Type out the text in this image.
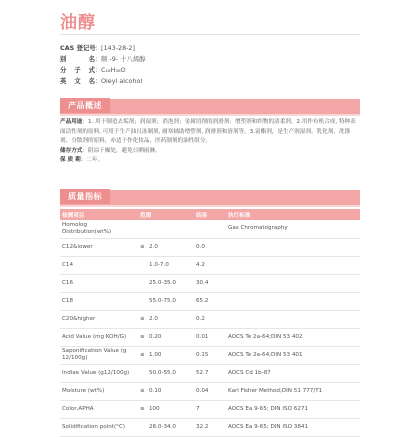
油醇
CAS 登记号 ： [143-28-2]
别	名 ： 顺 -9- 十八烯醇
分 子 式 ： C₁₈H₃₆O
英 文 名 ： Oleyl alcohol
产品概述

产品用途：1. 用于制造去垢剂；润湿剂；消泡剂；金属切削的润滑剂；增塑剂和织物的清柔剂。2.用作有机合成, 特种表面活性剂的原料, 可用于生产油且冻制剂, 耐寒辅助增塑剂, 润滑剂和溶剂等。3.富酯剂，是生产润湿剂、乳化剂、洗涤剂、分散剂的原料，亦适于作化妆品、医药制剂的油性组分。

储存方式：阴凉干燥处，避免日晒雨淋。

保 质 期：二年。

质量指标
检测项目	范围		结果	执行标准
Homolog Distribution(wt%)				Gas Chromatography
C12&lower	≤	2.0	0.0	
C14		1.0-7.0	4.2	
C16		25.0-35.0	30.4	
C18		55.0-75.0	65.2	
C20&higher	≤	2.0	0.2	
Acid Value (mg KOH/G)	≤	0.20	0.01	AOCS Te 2a-64;DIN 53 402
Saponification Value (g 12/100g)	≤	1.00	0.15	AOCS Te 2a-64;DIN 53 401
Indiae Value (g12/100g)		50.0-55.0	52.7	AOCS Cd 1b-87
Moisture (wt%)	≤	0.10	0.04	Karl Fisher Method;DIN 51 777/T1
Color,APHA	≤	100	7	AOCS Ea 9-65; DIN ISO 6271
Solidification point(°C)		28.0-34.0	32.2	AOCS Ea 9-65; DIN ISO 3841
